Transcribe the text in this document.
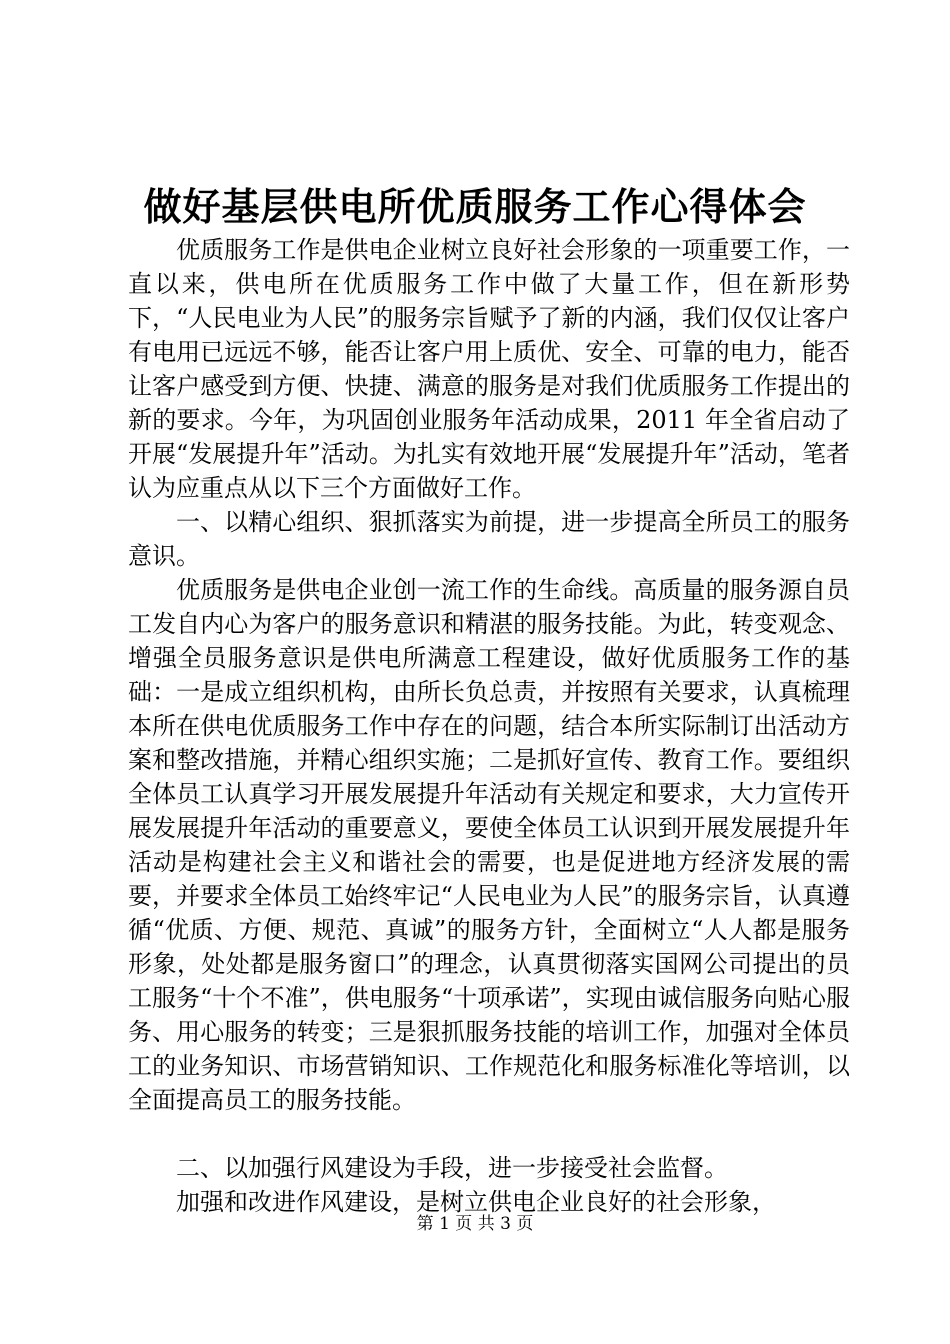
做好基层供电所优质服务工作心得体会

优质服务工作是供电企业树立良好社会形象的一项重要工作，一直以来，供电所在优质服务工作中做了大量工作，但在新形势下，“人民电业为人民”的服务宗旨赋予了新的内涵，我们仅仅让客户有电用已远远不够，能否让客户用上质优、安全、可靠的电力，能否让客户感受到方便、快捷、满意的服务是对我们优质服务工作提出的新的要求。今年，为巩固创业服务年活动成果，2011 年全省启动了开展“发展提升年”活动。为扎实有效地开展“发展提升年”活动，笔者认为应重点从以下三个方面做好工作。

一、以精心组织、狠抓落实为前提，进一步提高全所员工的服务意识。

优质服务是供电企业创一流工作的生命线。高质量的服务源自员工发自内心为客户的服务意识和精湛的服务技能。为此，转变观念、增强全员服务意识是供电所满意工程建设，做好优质服务工作的基础：一是成立组织机构，由所长负总责，并按照有关要求，认真梳理本所在供电优质服务工作中存在的问题，结合本所实际制订出活动方案和整改措施，并精心组织实施；二是抓好宣传、教育工作。要组织全体员工认真学习开展发展提升年活动有关规定和要求，大力宣传开展发展提升年活动的重要意义，要使全体员工认识到开展发展提升年活动是构建社会主义和谐社会的需要，也是促进地方经济发展的需要，并要求全体员工始终牢记“人民电业为人民”的服务宗旨，认真遵循“优质、方便、规范、真诚”的服务方针，全面树立“人人都是服务形象，处处都是服务窗口”的理念，认真贯彻落实国网公司提出的员工服务“十个不准”，供电服务“十项承诺”，实现由诚信服务向贴心服务、用心服务的转变；三是狠抓服务技能的培训工作，加强对全体员工的业务知识、市场营销知识、工作规范化和服务标准化等培训，以全面提高员工的服务技能。

二、以加强行风建设为手段，进一步接受社会监督。

加强和改进作风建设，是树立供电企业良好的社会形象，

第 1 页 共 3 页
